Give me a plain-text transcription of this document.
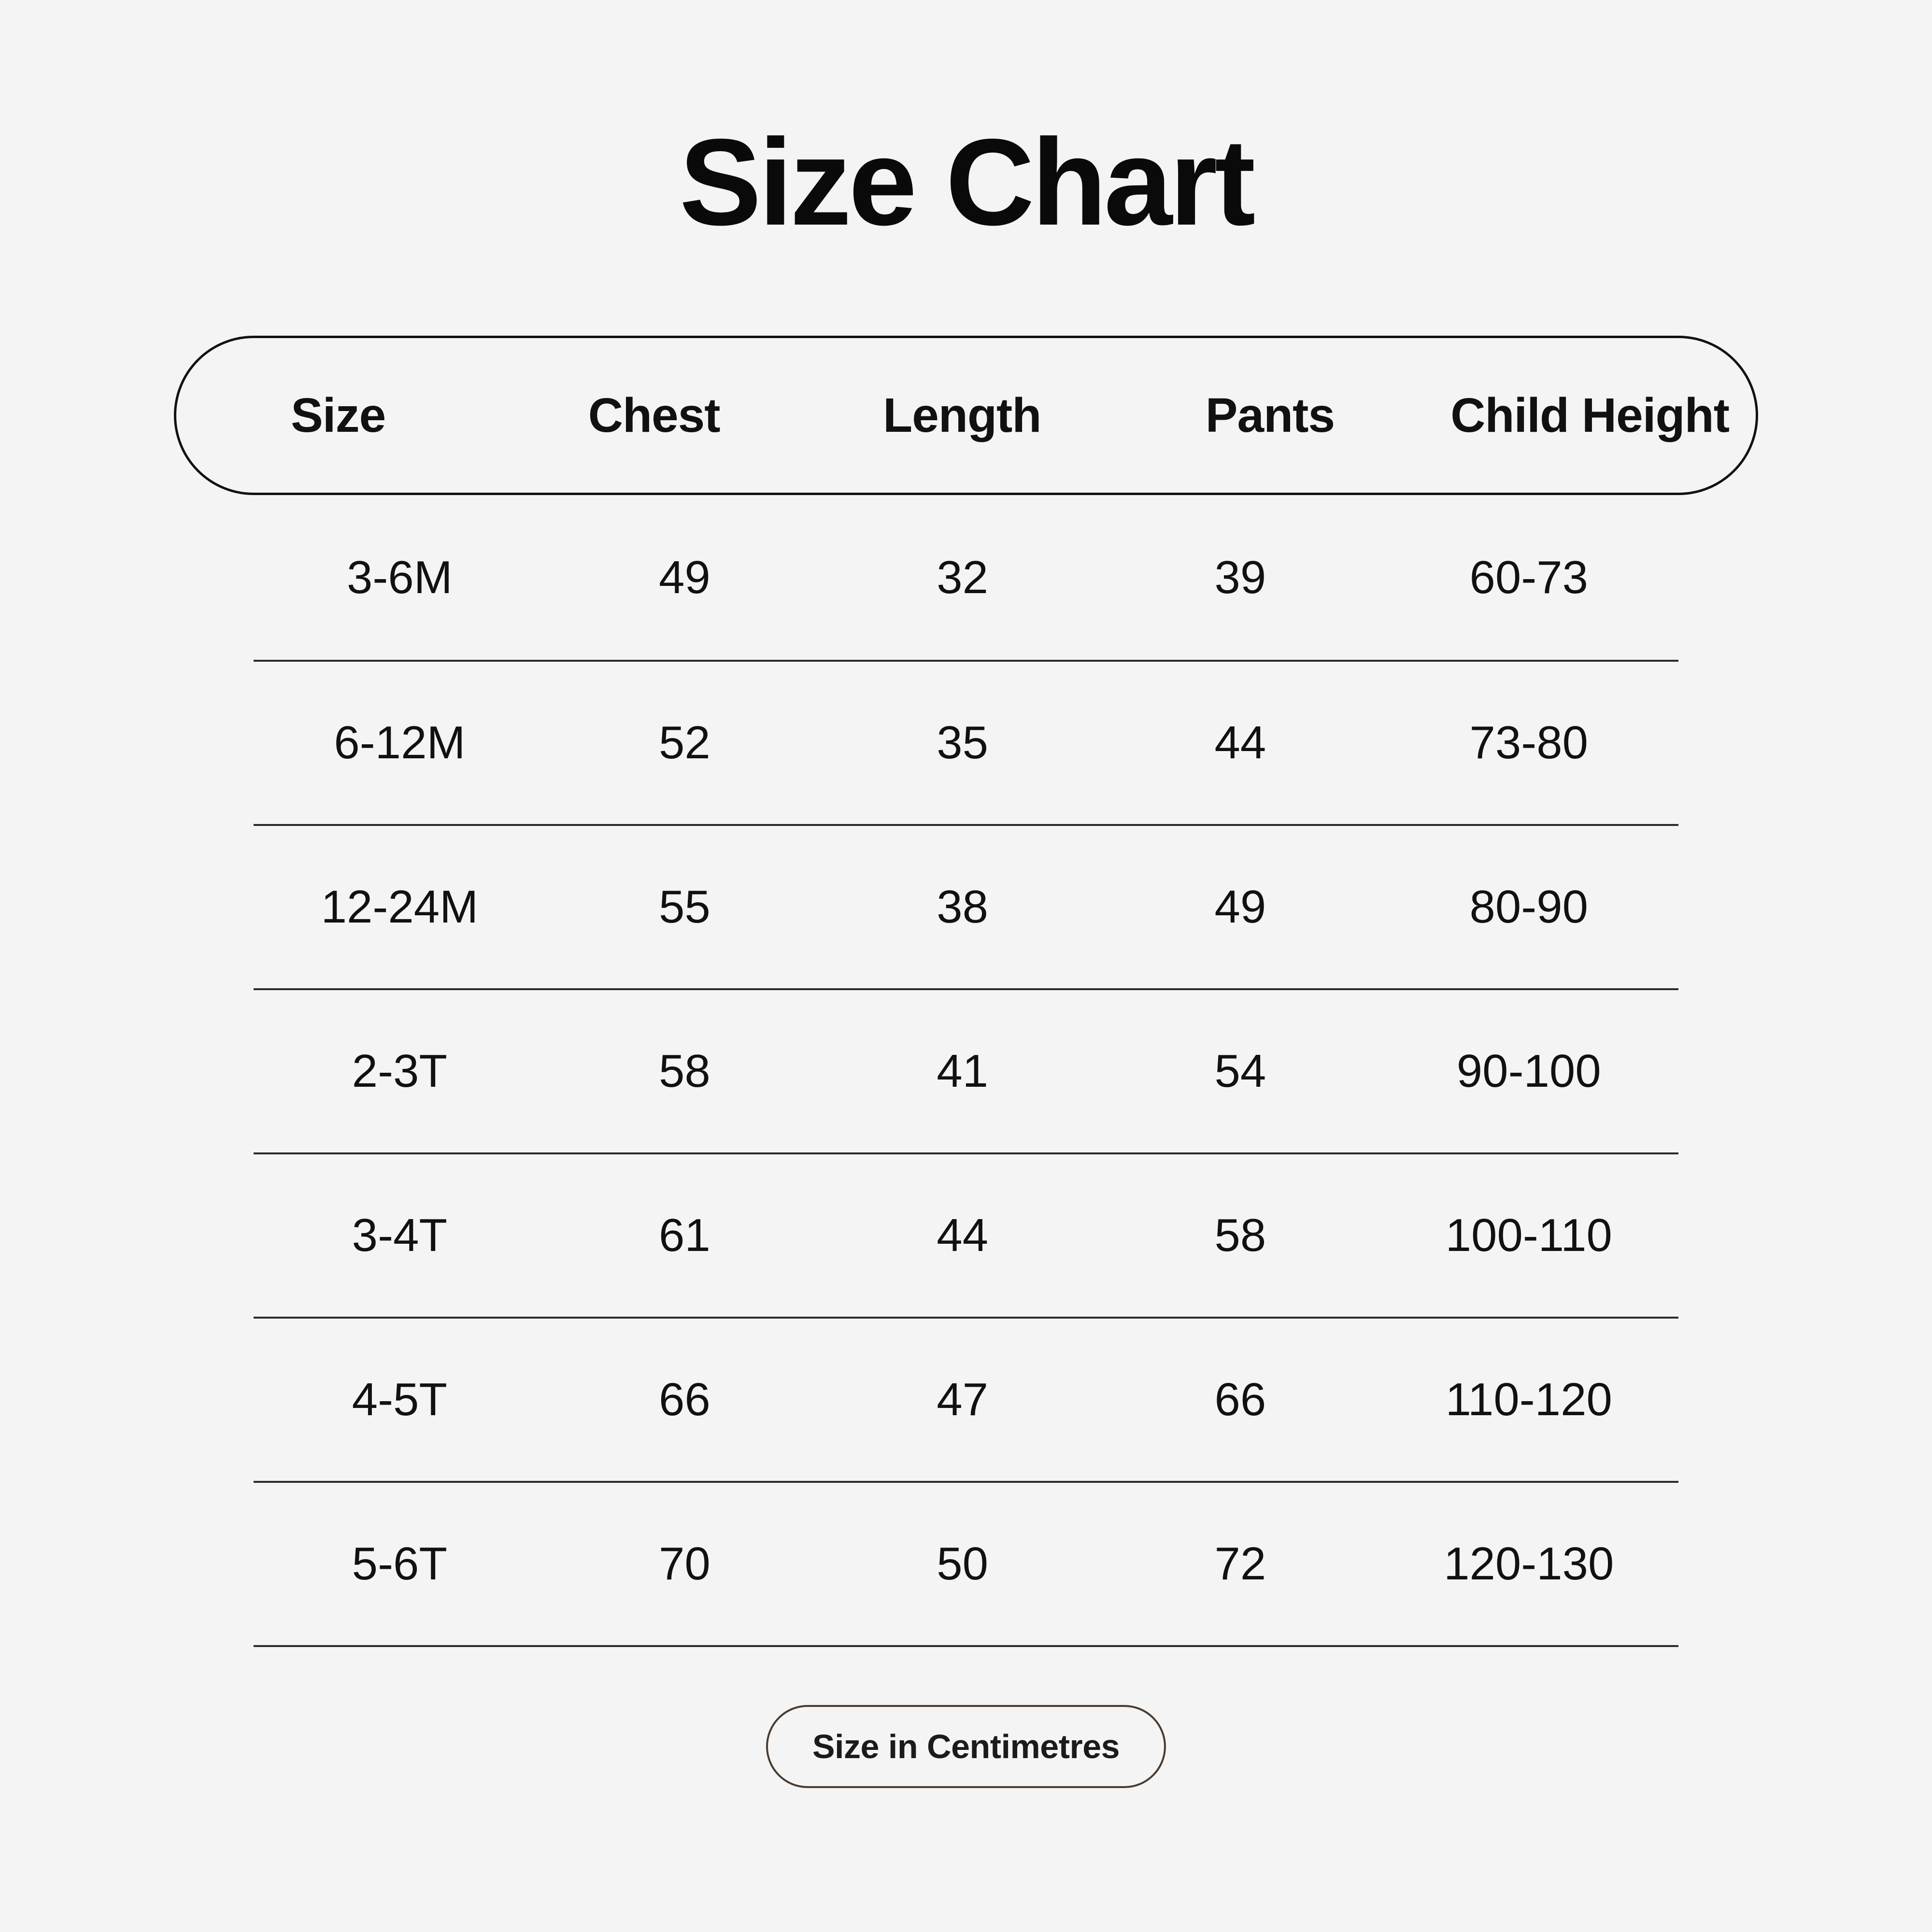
Size Chart
Size	Chest	Length	Pants	Child Height
3-6M	49	32	39	60-73
6-12M	52	35	44	73-80
12-24M	55	38	49	80-90
2-3T	58	41	54	90-100
3-4T	61	44	58	100-110
4-5T	66	47	66	110-120
5-6T	70	50	72	120-130
Size in Centimetres
